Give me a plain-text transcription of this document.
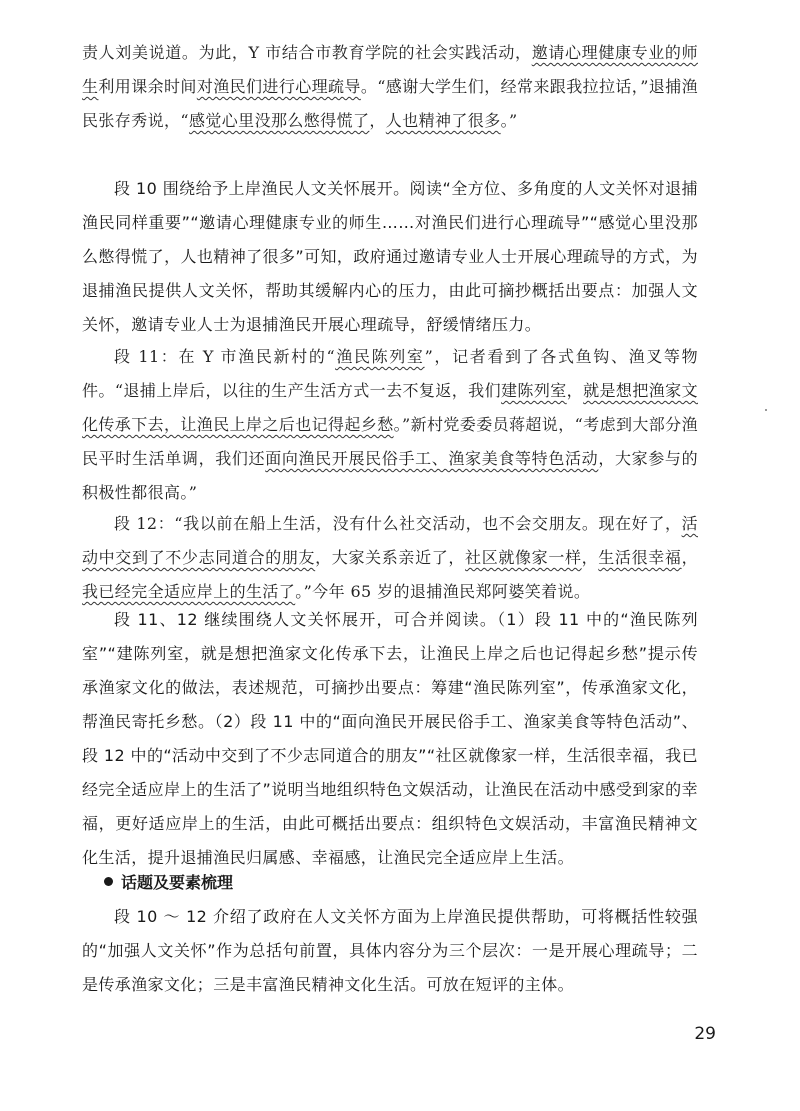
责人刘美说道。为此，Y 市结合市教育学院的社会实践活动，邀请心理健康专业的师生利用课余时间对渔民们进行心理疏导。“感谢大学生们，经常来跟我拉拉话，”退捕渔民张存秀说，“感觉心里没那么憋得慌了，人也精神了很多。”

段 10 围绕给予上岸渔民人文关怀展开。阅读“全方位、多角度的人文关怀对退捕渔民同样重要”“邀请心理健康专业的师生……对渔民们进行心理疏导”“感觉心里没那么憋得慌了，人也精神了很多”可知，政府通过邀请专业人士开展心理疏导的方式，为退捕渔民提供人文关怀，帮助其缓解内心的压力，由此可摘抄概括出要点：加强人文关怀，邀请专业人士为退捕渔民开展心理疏导，舒缓情绪压力。

段 11：在 Y 市渔民新村的“渔民陈列室”，记者看到了各式鱼钩、渔叉等物件。“退捕上岸后，以往的生产生活方式一去不复返，我们建陈列室，就是想把渔家文化传承下去，让渔民上岸之后也记得起乡愁。”新村党委委员蒋超说，“考虑到大部分渔民平时生活单调，我们还面向渔民开展民俗手工、渔家美食等特色活动，大家参与的积极性都很高。”

段 12：“我以前在船上生活，没有什么社交活动，也不会交朋友。现在好了，活动中交到了不少志同道合的朋友，大家关系亲近了，社区就像家一样，生活很幸福，我已经完全适应岸上的生活了。”今年 65 岁的退捕渔民郑阿婆笑着说。

段 11、12 继续围绕人文关怀展开，可合并阅读。（1）段 11 中的“渔民陈列室”“建陈列室，就是想把渔家文化传承下去，让渔民上岸之后也记得起乡愁”提示传承渔家文化的做法，表述规范，可摘抄出要点：筹建“渔民陈列室”，传承渔家文化，帮渔民寄托乡愁。（2）段 11 中的“面向渔民开展民俗手工、渔家美食等特色活动”、段 12 中的“活动中交到了不少志同道合的朋友”“社区就像家一样，生活很幸福，我已经完全适应岸上的生活了”说明当地组织特色文娱活动，让渔民在活动中感受到家的幸福，更好适应岸上的生活，由此可概括出要点：组织特色文娱活动，丰富渔民精神文化生活，提升退捕渔民归属感、幸福感，让渔民完全适应岸上生活。

话题及要素梳理

段 10 ～ 12 介绍了政府在人文关怀方面为上岸渔民提供帮助，可将概括性较强的“加强人文关怀”作为总括句前置，具体内容分为三个层次：一是开展心理疏导；二是传承渔家文化；三是丰富渔民精神文化生活。可放在短评的主体。

29
